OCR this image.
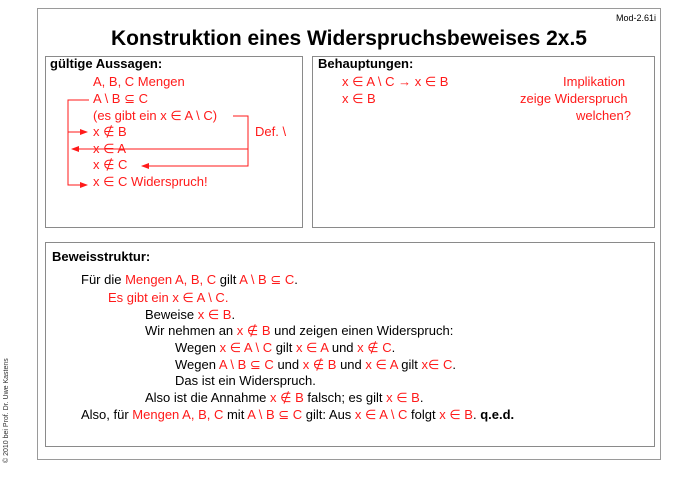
Mod-2.61i
Konstruktion eines Widerspruchsbeweises 2x.5
gültige Aussagen:
A, B, C Mengen
A \ B ⊆ C
(es gibt ein x ∈ A \ C)
x ∉ B
x ∈ A
x ∉ C
x ∈ C Widerspruch!
Def. \
Behauptungen:
x ∈ A \ C → x ∈ B
x ∈ B
Implikation
zeige Widerspruch
welchen?
Beweisstruktur:
Für die Mengen A, B, C gilt A \ B ⊆ C.
Es gibt ein x ∈ A \ C.
Beweise x ∈ B.
Wir nehmen an x ∉ B und zeigen einen Widerspruch:
Wegen x ∈ A \ C gilt x ∈ A und x ∉ C.
Wegen A \ B ⊆ C und x ∉ B und x ∈ A gilt x∈ C.
Das ist ein Widerspruch.
Also ist die Annahme x ∉ B falsch; es gilt x ∈ B.
Also, für Mengen A, B, C mit A \ B ⊆ C gilt: Aus x ∈ A \ C folgt x ∈ B. q.e.d.
© 2010 bei Prof. Dr. Uwe Kastens
